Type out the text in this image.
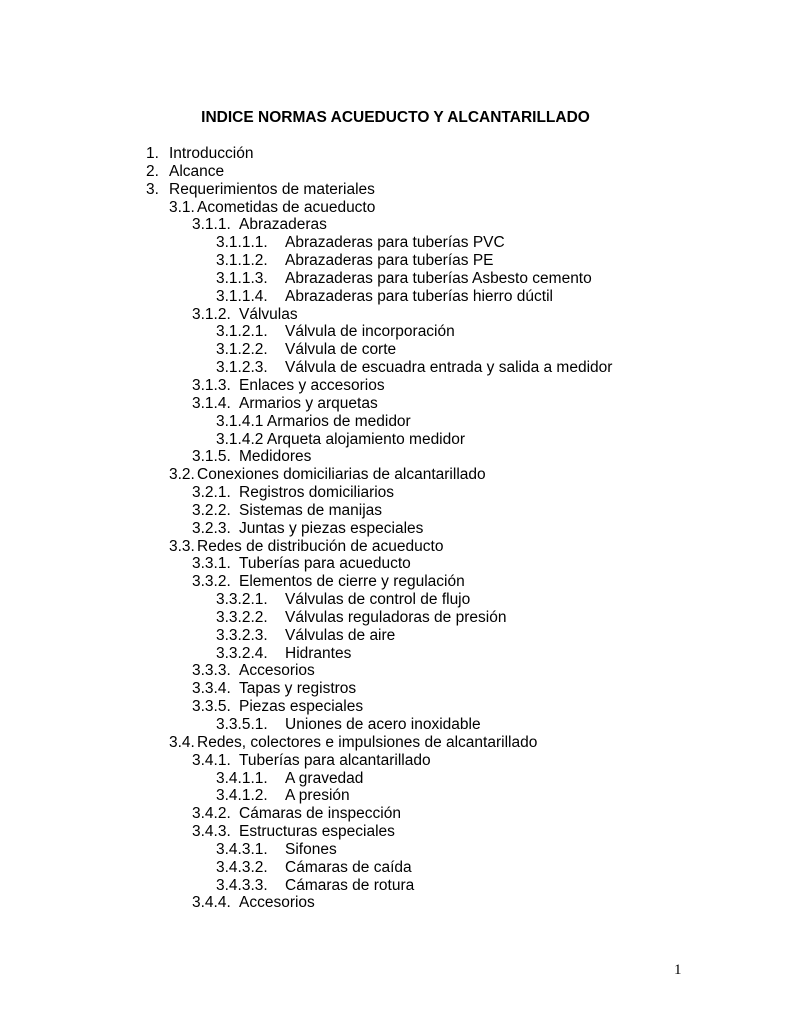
INDICE NORMAS ACUEDUCTO Y ALCANTARILLADO
1. Introducción
2. Alcance
3. Requerimientos de materiales
3.1. Acometidas de acueducto
3.1.1. Abrazaderas
3.1.1.1. Abrazaderas para tuberías PVC
3.1.1.2. Abrazaderas para tuberías PE
3.1.1.3. Abrazaderas para tuberías Asbesto cemento
3.1.1.4. Abrazaderas para tuberías hierro dúctil
3.1.2. Válvulas
3.1.2.1. Válvula de incorporación
3.1.2.2. Válvula de corte
3.1.2.3. Válvula de escuadra entrada y salida a medidor
3.1.3. Enlaces y accesorios
3.1.4. Armarios y arquetas
3.1.4.1 Armarios de medidor
3.1.4.2 Arqueta alojamiento medidor
3.1.5. Medidores
3.2. Conexiones domiciliarias de alcantarillado
3.2.1. Registros domiciliarios
3.2.2. Sistemas de manijas
3.2.3. Juntas y piezas especiales
3.3. Redes de distribución de acueducto
3.3.1. Tuberías para acueducto
3.3.2. Elementos de cierre y regulación
3.3.2.1. Válvulas de control de flujo
3.3.2.2. Válvulas reguladoras de presión
3.3.2.3. Válvulas de aire
3.3.2.4. Hidrantes
3.3.3. Accesorios
3.3.4. Tapas y registros
3.3.5. Piezas especiales
3.3.5.1. Uniones de acero inoxidable
3.4. Redes, colectores e impulsiones de alcantarillado
3.4.1. Tuberías para alcantarillado
3.4.1.1. A gravedad
3.4.1.2. A presión
3.4.2. Cámaras de inspección
3.4.3. Estructuras especiales
3.4.3.1. Sifones
3.4.3.2. Cámaras de caída
3.4.3.3. Cámaras de rotura
3.4.4. Accesorios
1
